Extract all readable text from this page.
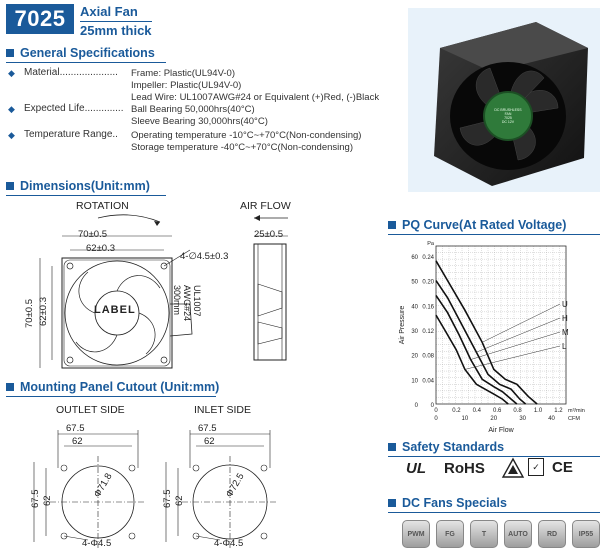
7025	Axial Fan
25mm thick
General Specifications
◆ Material..................... Frame: Plastic(UL94V-0)
Impeller: Plastic(UL94V-0)
Lead Wire: UL1007AWG#24 or Equivalent (+)Red, (-)Black
◆ Expected Life.............. Ball Bearing 50,000hrs(40°C)
Sleeve Bearing 30,000hrs(40°C)
◆ Temperature Range.. Operating temperature -10°C~+70°C(Non-condensing)
Storage temperature -40°C~+70°C(Non-condensing)
DC BRUSHLESS FAN
7025
DC 12V
Dimensions(Unit:mm)
ROTATION	AIR FLOW
70±0.5
62±0.3
4-∅4.5±0.3
70±0.5 62±0.3	LABEL	UL1007
AWG#24
300mm
25±0.5
PQ Curve(At Rated Voltage)
0
10
20
30
40
50
60
0
0.04
0.08
0.12
0.16
0.20
0.24
Pa
0 0.2 0.4 0.6 0.8 1.0 1.2
0	10	20	30	40 CFM
m³/min
Air Flow
Air Pressure
U
H
M
L
Mounting Panel Cutout (Unit:mm)
OUTLET SIDE	INLET SIDE
67.5
62
67.5 62
Φ71.8
4-Φ4.5
67.5
62
67.5 62
Φ72.5
4-Φ4.5
Safety Standards
UL RoHS	✓ CE
DC Fans Specials
PWM	FG	T	AUTO	RD	IP55
